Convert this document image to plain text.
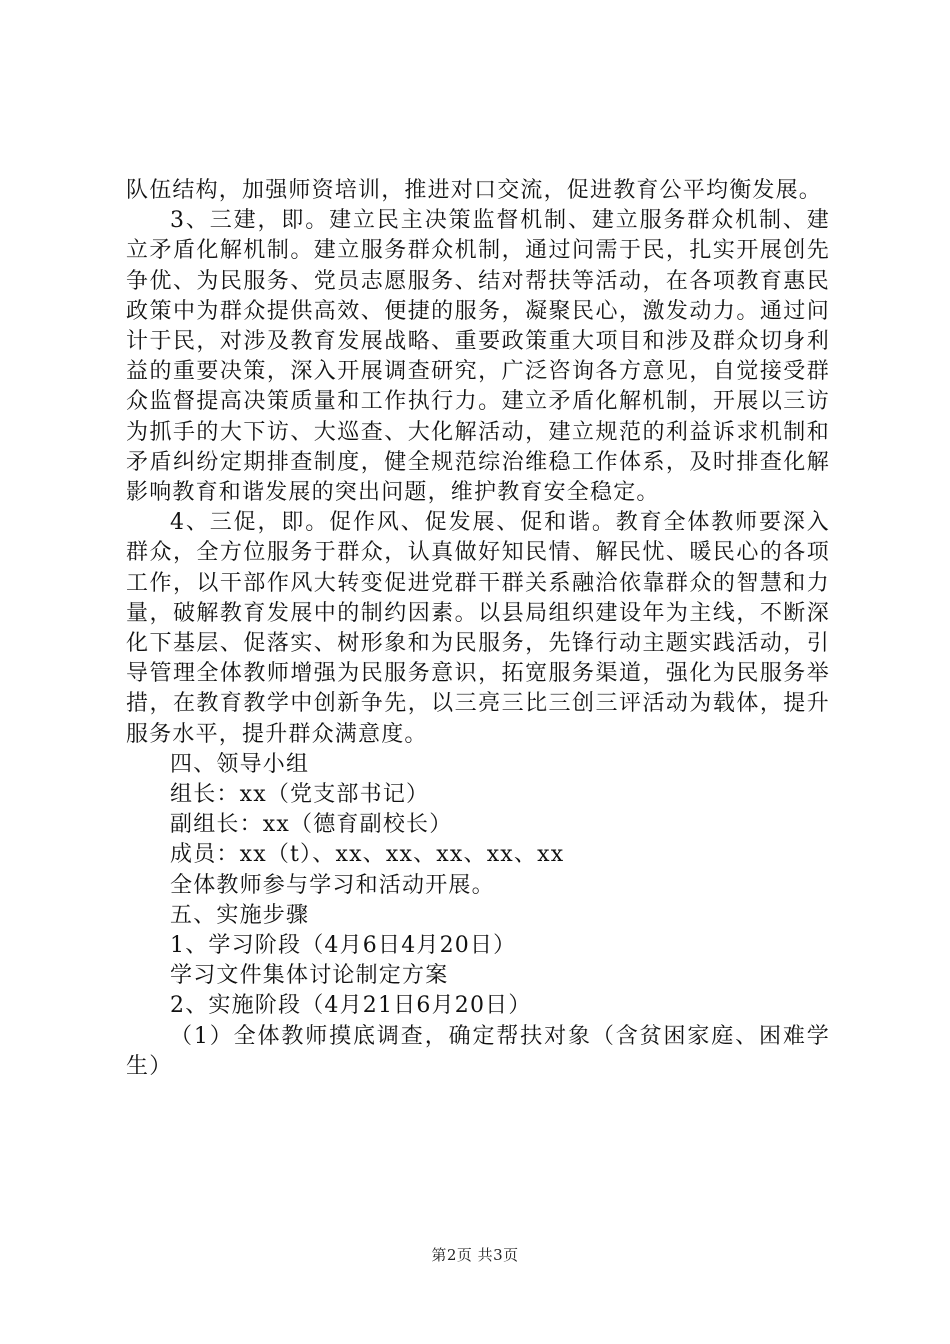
队伍结构，加强师资培训，推进对口交流，促进教育公平均衡发展。

3、三建，即。建立民主决策监督机制、建立服务群众机制、建立矛盾化解机制。建立服务群众机制，通过问需于民，扎实开展创先争优、为民服务、党员志愿服务、结对帮扶等活动，在各项教育惠民政策中为群众提供高效、便捷的服务，凝聚民心，激发动力。通过问计于民，对涉及教育发展战略、重要政策重大项目和涉及群众切身利益的重要决策，深入开展调查研究，广泛咨询各方意见，自觉接受群众监督提高决策质量和工作执行力。建立矛盾化解机制，开展以三访为抓手的大下访、大巡查、大化解活动，建立规范的利益诉求机制和矛盾纠纷定期排查制度，健全规范综治维稳工作体系，及时排查化解影响教育和谐发展的突出问题，维护教育安全稳定。

4、三促，即。促作风、促发展、促和谐。教育全体教师要深入群众，全方位服务于群众，认真做好知民情、解民忧、暖民心的各项工作，以干部作风大转变促进党群干群关系融洽依靠群众的智慧和力量，破解教育发展中的制约因素。以县局组织建设年为主线，不断深化下基层、促落实、树形象和为民服务，先锋行动主题实践活动，引导管理全体教师增强为民服务意识，拓宽服务渠道，强化为民服务举措，在教育教学中创新争先，以三亮三比三创三评活动为载体，提升服务水平，提升群众满意度。

四、领导小组

组长：xx（党支部书记）

副组长：xx（德育副校长）

成员：xx（t）、xx、xx、xx、xx、xx

全体教师参与学习和活动开展。

五、实施步骤

1、学习阶段（4月6日4月20日）

学习文件集体讨论制定方案

2、实施阶段（4月21日6月20日）

（1）全体教师摸底调查，确定帮扶对象（含贫困家庭、困难学生）

第2页 共3页
